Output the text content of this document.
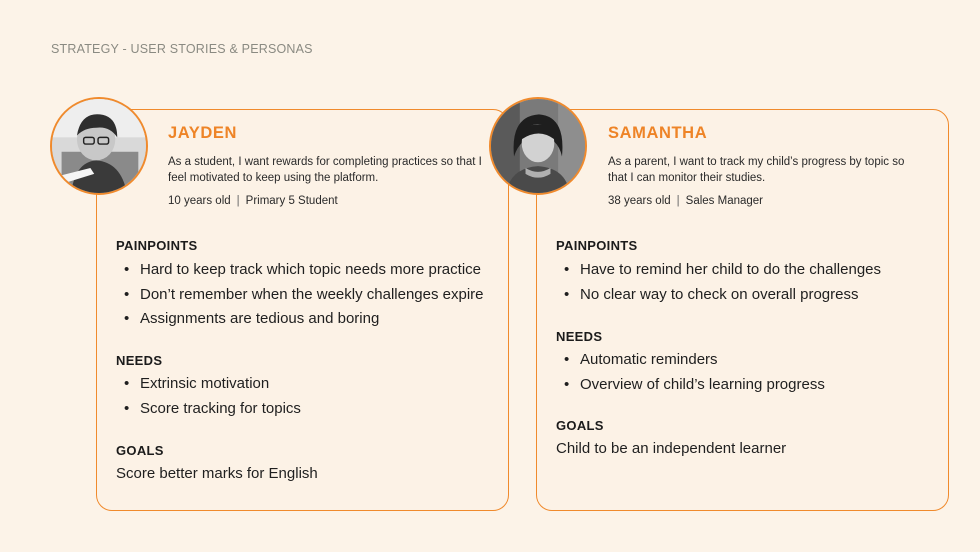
STRATEGY - USER STORIES & PERSONAS
JAYDEN
As a student, I want rewards for completing practices so that I feel motivated to keep using the platform.
10 years old | Primary 5 Student
PAINPOINTS
• Hard to keep track which topic needs more practice
• Don’t remember when the weekly challenges expire
• Assignments are tedious and boring
NEEDS
• Extrinsic motivation
• Score tracking for topics
GOALS
Score better marks for English
SAMANTHA
As a parent, I want to track my child’s progress by topic so that I can monitor their studies.
38 years old | Sales Manager
PAINPOINTS
• Have to remind her child to do the challenges
• No clear way to check on overall progress
NEEDS
• Automatic reminders
• Overview of child’s learning progress
GOALS
Child to be an independent learner
